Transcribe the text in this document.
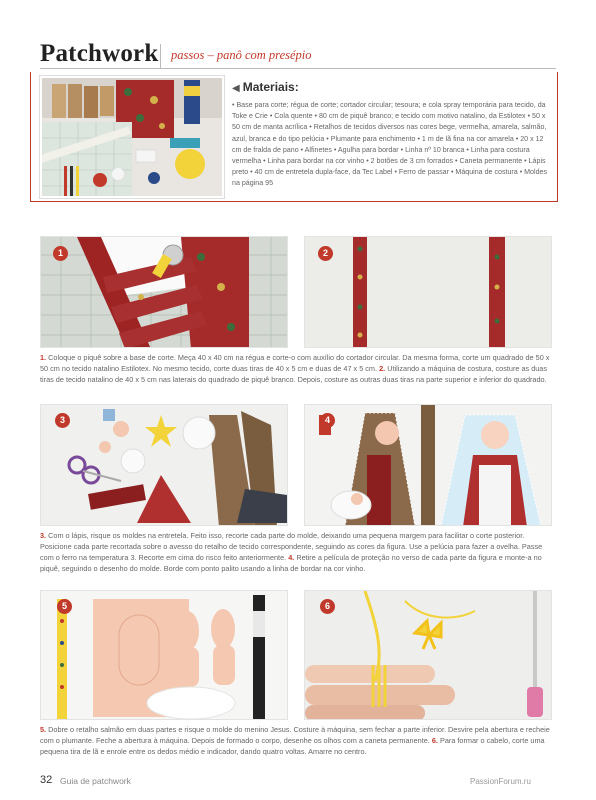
Patchwork passos – panô com presépio
◀ Materiais:
• Base para corte; régua de corte; cortador circular; tesoura; e cola spray temporária para tecido, da Toke e Crie • Cola quente • 80 cm de piquê branco; e tecido com motivo natalino, da Estilotex • 50 x 50 cm de manta acrílica • Retalhos de tecidos diversos nas cores bege, vermelha, amarela, salmão, azul, branca e do tipo pelúcia • Plumante para enchimento • 1 m de lã fina na cor amarela • 20 x 12 cm de fralda de pano • Alfinetes • Agulha para bordar • Linha nº 10 branca • Linha para costura vermelha • Linha para bordar na cor vinho • 2 botões de 3 cm forrados • Caneta permanente • Lápis preto • 40 cm de entretela dupla-face, da Tec Label • Ferro de passar • Máquina de costura • Moldes na página 95
1	2
1. Coloque o piquê sobre a base de corte. Meça 40 x 40 cm na régua e corte-o com auxílio do cortador circular. Da mesma forma, corte um quadrado de 50 x 50 cm no tecido natalino Estilotex. No mesmo tecido, corte duas tiras de 40 x 5 cm e duas de 47 x 5 cm. 2. Utilizando a máquina de costura, costure as duas tiras de tecido natalino de 40 x 5 cm nas laterais do quadrado de piquê branco. Depois, costure as outras duas tiras na parte superior e inferior do quadrado.
3	4
3. Com o lápis, risque os moldes na entretela. Feito isso, recorte cada parte do molde, deixando uma pequena margem para facilitar o corte posterior. Posicione cada parte recortada sobre o avesso do retalho de tecido correspondente, seguindo as cores da figura. Use a pelúcia para fazer a ovelha. Passe com o ferro na temperatura 3. Recorte em cima do risco feito anteriormente. 4. Retire a película de proteção no verso de cada parte da figura e monte-a no piquê, seguindo o desenho do molde. Borde com ponto palito usando a linha de bordar na cor vinho.
5	6
5. Dobre o retalho salmão em duas partes e risque o molde do menino Jesus. Costure à máquina, sem fechar a parte inferior. Desvire pela abertura e recheie com o plumante. Feche a abertura à máquina. Depois de formado o corpo, desenhe os olhos com a caneta permanente. 6. Para formar o cabelo, corte uma pequena tira de lã e enrole entre os dedos médio e indicador, dando quatro voltas. Amarre no centro.
32 Guia de patchwork	PassionForum.ru
